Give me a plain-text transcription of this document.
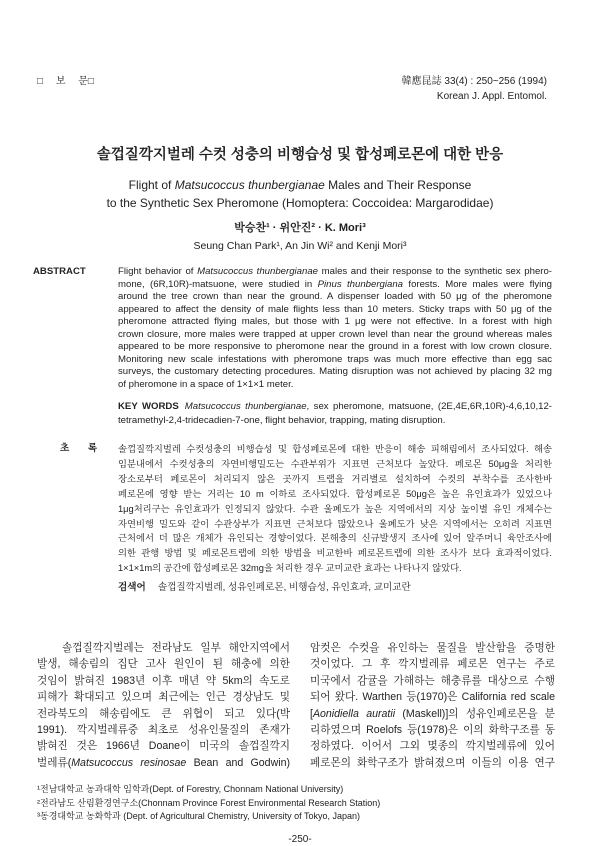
□ 보 문□	韓應昆誌 33(4) : 250~256 (1994)
Korean J. Appl. Entomol.
솔껍질깍지벌레 수컷 성충의 비행습성 및 합성페로몬에 대한 반응
Flight of Matsucoccus thunbergianae Males and Their Response
to the Synthetic Sex Pheromone (Homoptera: Coccoidea: Margarodidae)
박승찬¹ · 위안진² · K. Mori³
Seung Chan Park¹, An Jin Wi² and Kenji Mori³
ABSTRACT	Flight behavior of Matsucoccus thunbergianae males and their response to the synthetic sex phero-
mone, (6R,10R)-matsuone, were studied in Pinus thunbergiana forests. More males were flying
around the tree crown than near the ground. A dispenser loaded with 50 μg of the pheromone
appeared to affect the density of male flights less than 10 meters. Sticky traps with 50 μg of the
pheromone attracted flying males, but those with 1 μg were not effective. In a forest with high
crown closure, more males were trapped at upper crown level than near the ground whereas males
appeared to be more responsive to pheromone near the ground in a forest with low crown closure.
Monitoring new scale infestations with pheromone traps was much more effective than egg sac
surveys, the customary detecting procedures. Mating disruption was not achieved by placing 32 mg
of pheromone in a space of 1×1×1 meter.
KEY WORDS Matsucoccus thunbergianae, sex pheromone, matsuone, (2E,4E,6R,10R)-4,6,10,12-
tetramethyl-2,4-tridecadien-7-one, flight behavior, trapping, mating disruption.
초 록 솔껍질깍지벌레 수컷성충의 비행습성 및 합성페로몬에 대한 반응이 해송 피해림에서 조사되었다. 해송
임분내에서 수컷성충의 자연비행밀도는 수관부위가 지표면 근처보다 높았다. 페로몬 50μg을 처리한
장소로부터 페로몬이 처리되지 않은 곳까지 트랩을 거리별로 설치하여 수컷의 부착수를 조사한바
페로몬에 영향 받는 거리는 10 m 이하로 조사되었다. 합성페로몬 50μg은 높은 유인효과가 있었으나
1μg처리구는 유인효과가 인정되지 않았다. 수관 울폐도가 높은 지역에서의 지상 높이별 유인 개체수는
자연비행 밀도와 같이 수관상부가 지표면 근처보다 많았으나 울폐도가 낮은 지역에서는 오히려 지표면
근처에서 더 많은 개체가 유인되는 경향이었다. 본해충의 신규발생지 조사에 있어 알주머니 육안조사에
의한 관행 방법 및 페로몬트랩에 의한 방법을 비교한바 페로몬트랩에 의한 조사가 보다 효과적이었다.
1×1×1m의 공간에 합성페로몬 32mg을 처리한 경우 교미교란 효과는 나타나지 않았다.
검색어 솔껍질깍지벌레, 성유인페로몬, 비행습성, 유인효과, 교미교란
솔껍질깍지벌레는 전라남도 일부 해안지역에서
발생, 해송림의 집단 고사 원인이 된 해충에 의한
것임이 밝혀진 1983년 이후 매년 약 5km의 속도로
피해가 확대되고 있으며 최근에는 인근 경상남도 및
전라북도의 해송림에도 큰 위협이 되고 있다(박
1991). 깍지벌레류중 최초로 성유인물질의 존재가
밝혀진 것은 1966년 Doane이 미국의 솔껍질깍지
벌레류(Matsucoccus resinosae Bean and Godwin)
암컷은 수컷을 유인하는 물질을 발산함을 증명한
것이었다. 그 후 깍지벌레류 페로몬 연구는 주로
미국에서 감귤을 가해하는 해충류를 대상으로 수행
되어 왔다. Warthen 등(1970)은 California red scale
[Aonidiella auratii (Maskell)]의 성유인페로몬을 분
리하였으며 Roelofs 등(1978)은 이의 화학구조를 동
정하였다. 이어서 그외 몇종의 깍지벌레류에 있어
페로몬의 화학구조가 밝혀졌으며 이들의 이용 연구
¹전남대학교 농과대학 임학과(Dept. of Forestry, Chonnam National University)
²전라남도 산림환경연구소(Chonnam Province Forest Environmental Research Station)
³동경대학교 농화학과 (Dept. of Agricultural Chemistry, University of Tokyo, Japan)
-250-
